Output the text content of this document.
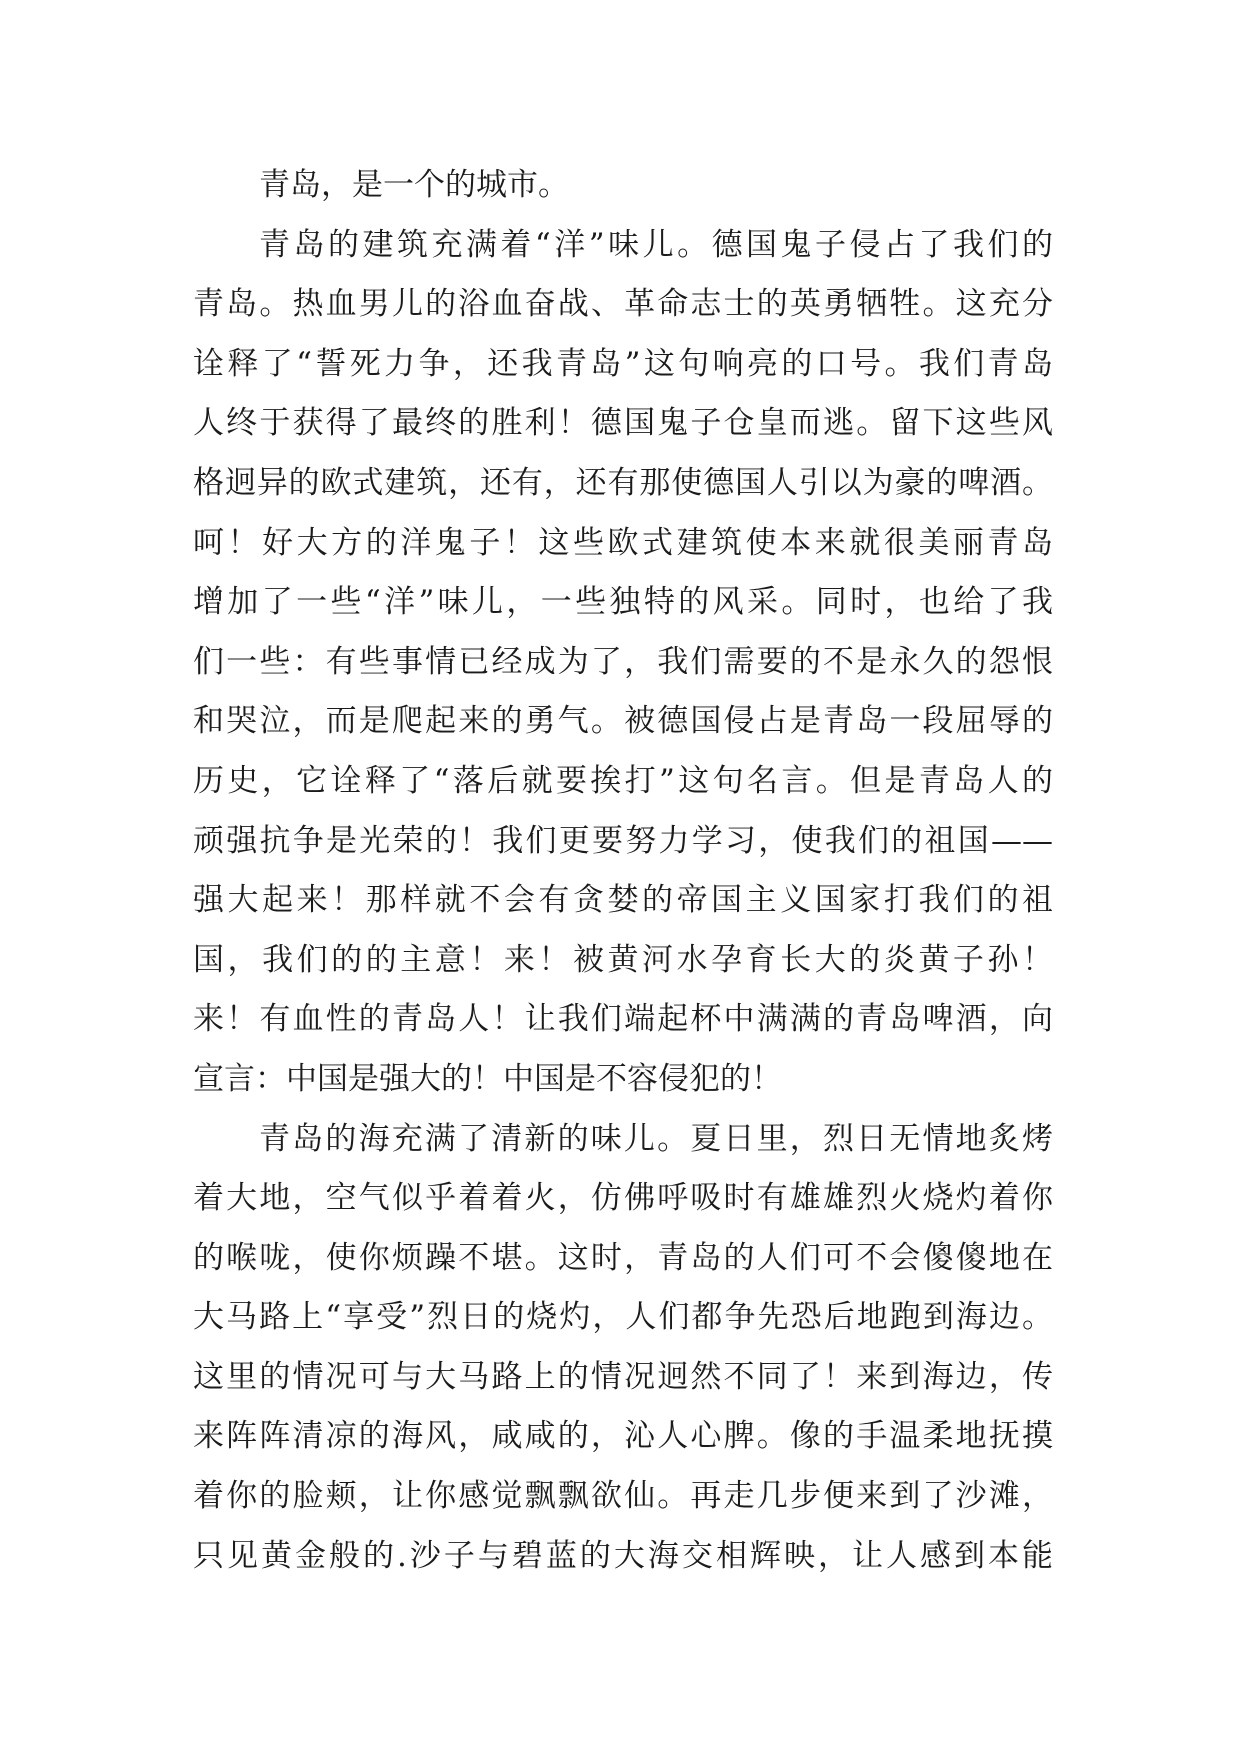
青岛，是一个的城市。
青岛的建筑充满着“洋”味儿。德国鬼子侵占了我们的
青岛。热血男儿的浴血奋战、革命志士的英勇牺牲。这充分
诠释了“誓死力争，还我青岛”这句响亮的口号。我们青岛
人终于获得了最终的胜利！德国鬼子仓皇而逃。留下这些风
格迥异的欧式建筑，还有，还有那使德国人引以为豪的啤酒。
呵！好大方的洋鬼子！这些欧式建筑使本来就很美丽青岛
增加了一些“洋”味儿，一些独特的风采。同时，也给了我
们一些：有些事情已经成为了，我们需要的不是永久的怨恨
和哭泣，而是爬起来的勇气。被德国侵占是青岛一段屈辱的
历史，它诠释了“落后就要挨打”这句名言。但是青岛人的
顽强抗争是光荣的！我们更要努力学习，使我们的祖国——
强大起来！那样就不会有贪婪的帝国主义国家打我们的祖
国，我们的的主意！来！被黄河水孕育长大的炎黄子孙！
来！有血性的青岛人！让我们端起杯中满满的青岛啤酒，向
宣言：中国是强大的！中国是不容侵犯的！
青岛的海充满了清新的味儿。夏日里，烈日无情地炙烤
着大地，空气似乎着着火，仿佛呼吸时有雄雄烈火烧灼着你
的喉咙，使你烦躁不堪。这时，青岛的人们可不会傻傻地在
大马路上“享受”烈日的烧灼，人们都争先恐后地跑到海边。
这里的情况可与大马路上的情况迥然不同了！来到海边，传
来阵阵清凉的海风，咸咸的，沁人心脾。像的手温柔地抚摸
着你的脸颊，让你感觉飘飘欲仙。再走几步便来到了沙滩，
只见黄金般的.沙子与碧蓝的大海交相辉映，让人感到本能
